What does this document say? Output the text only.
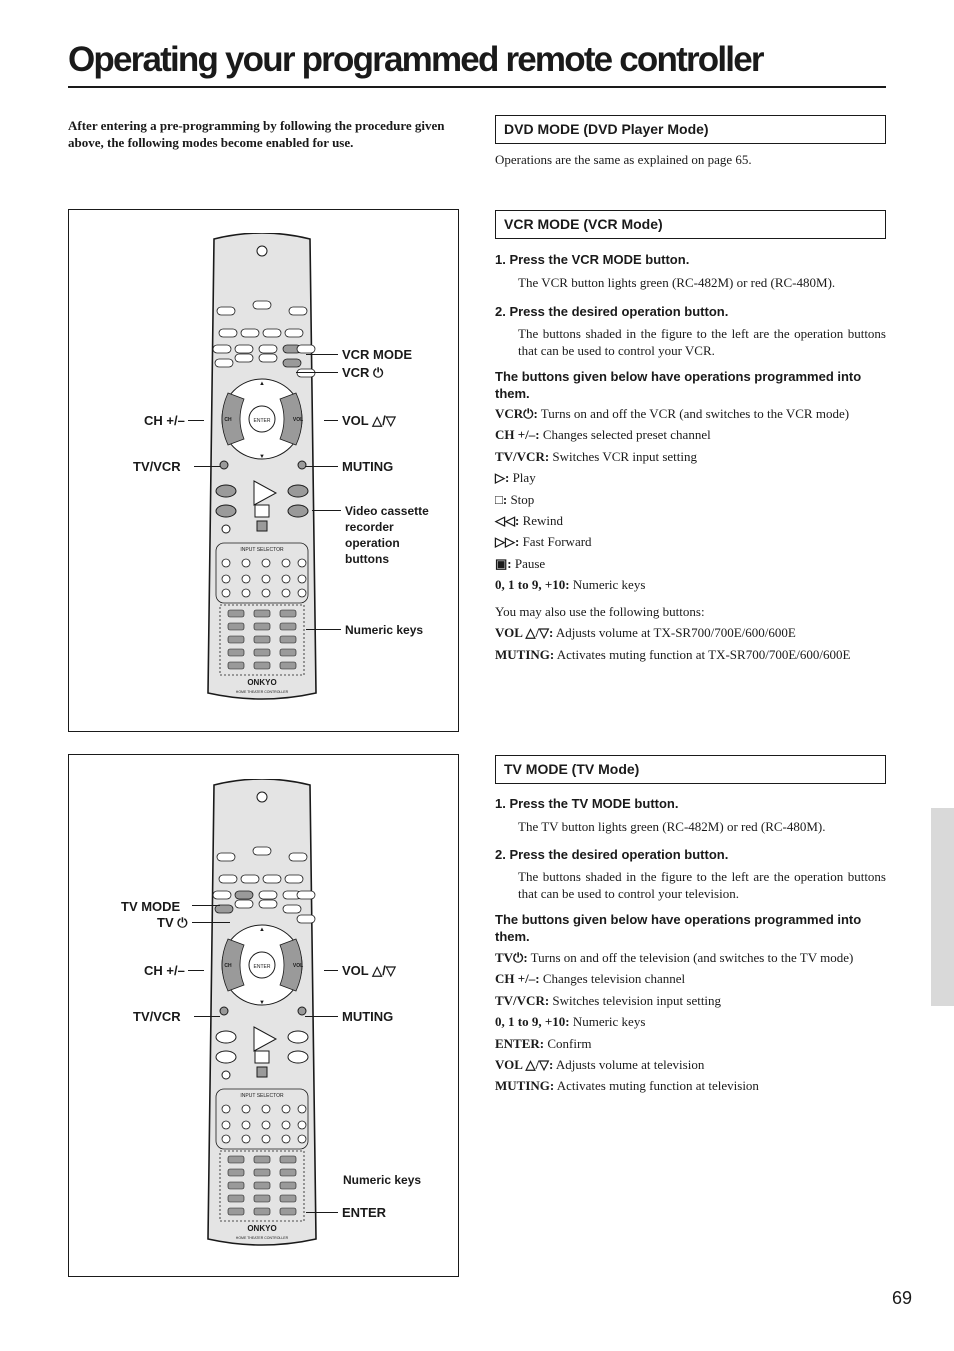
Operating your programmed remote controller
After entering a pre-programming by following the procedure given above, the following modes become enabled for use.
DVD MODE (DVD Player Mode)
Operations are the same as explained on page 65.
VCR MODE (VCR Mode)
1. Press the VCR MODE button.
The VCR button lights green (RC-482M) or red (RC-480M).
2. Press the desired operation button.
The buttons shaded in the figure to the left are the operation buttons that can be used to control your VCR.
The buttons given below have operations programmed into them.
VCR⏻: Turns on and off the VCR (and switches to the VCR mode)
CH +/–: Changes selected preset channel
TV/VCR: Switches VCR input setting
▷: Play
□: Stop
◁◁: Rewind
▷▷: Fast Forward
▣: Pause
0, 1 to 9, +10: Numeric keys
You may also use the following buttons:
VOL △/▽: Adjusts volume at TX-SR700/700E/600/600E
MUTING: Activates muting function at TX-SR700/700E/600/600E
TV MODE (TV Mode)
1. Press the TV MODE button.
The TV button lights green (RC-482M) or red (RC-480M).
2. Press the desired operation button.
The buttons shaded in the figure to the left are the operation buttons that can be used to control your television.
The buttons given below have operations programmed into them.
TV⏻: Turns on and off the television (and switches to the TV mode)
CH +/–: Changes television channel
TV/VCR: Switches television input setting
0, 1 to 9, +10: Numeric keys
ENTER: Confirm
VOL △/▽: Adjusts volume at television
MUTING: Activates muting function at television
ENTER
CH	VOL
▲
▼
INPUT SELECTOR
ONKYO
HOME THEATER CONTROLLER
VCR MODE
VCR ⏻
CH +/–	VOL △/▽
TV/VCR	MUTING
Video cassette
recorder
operation
buttons
Numeric keys
ENTER
CH	VOL
▲
▼
INPUT SELECTOR
ONKYO
HOME THEATER CONTROLLER
TV MODE
TV ⏻
CH +/–	VOL △/▽
TV/VCR	MUTING
Numeric keys
ENTER
69
